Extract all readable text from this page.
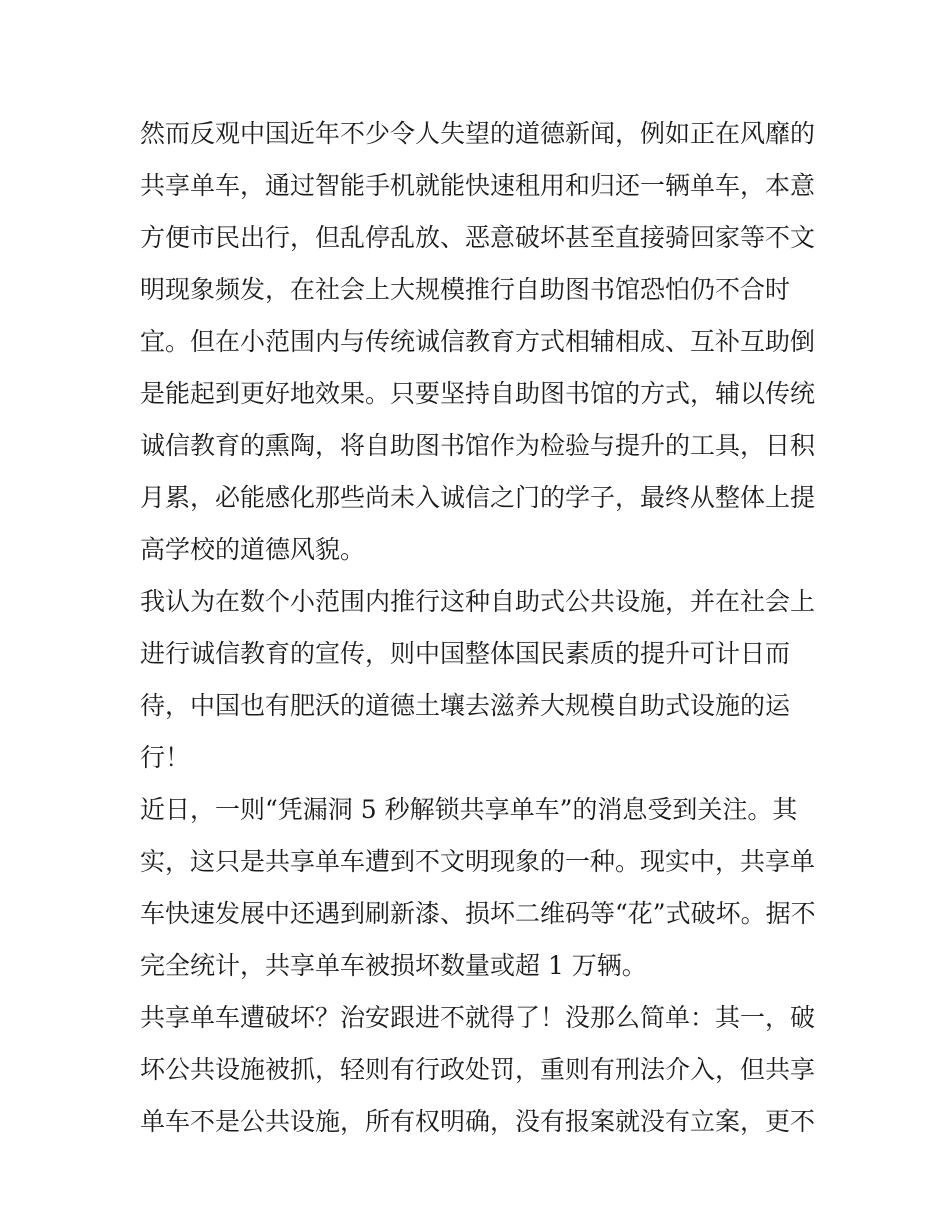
然而反观中国近年不少令人失望的道德新闻，例如正在风靡的
共享单车，通过智能手机就能快速租用和归还一辆单车，本意
方便市民出行，但乱停乱放、恶意破坏甚至直接骑回家等不文
明现象频发，在社会上大规模推行自助图书馆恐怕仍不合时
宜。但在小范围内与传统诚信教育方式相辅相成、互补互助倒
是能起到更好地效果。只要坚持自助图书馆的方式，辅以传统
诚信教育的熏陶，将自助图书馆作为检验与提升的工具，日积
月累，必能感化那些尚未入诚信之门的学子，最终从整体上提
高学校的道德风貌。
我认为在数个小范围内推行这种自助式公共设施，并在社会上
进行诚信教育的宣传，则中国整体国民素质的提升可计日而
待，中国也有肥沃的道德土壤去滋养大规模自助式设施的运
行！
近日，一则“凭漏洞 5 秒解锁共享单车”的消息受到关注。其
实，这只是共享单车遭到不文明现象的一种。现实中，共享单
车快速发展中还遇到刷新漆、损坏二维码等“花”式破坏。据不
完全统计，共享单车被损坏数量或超 1 万辆。
共享单车遭破坏？治安跟进不就得了！没那么简单：其一，破
坏公共设施被抓，轻则有行政处罚，重则有刑法介入，但共享
单车不是公共设施，所有权明确，没有报案就没有立案，更不
